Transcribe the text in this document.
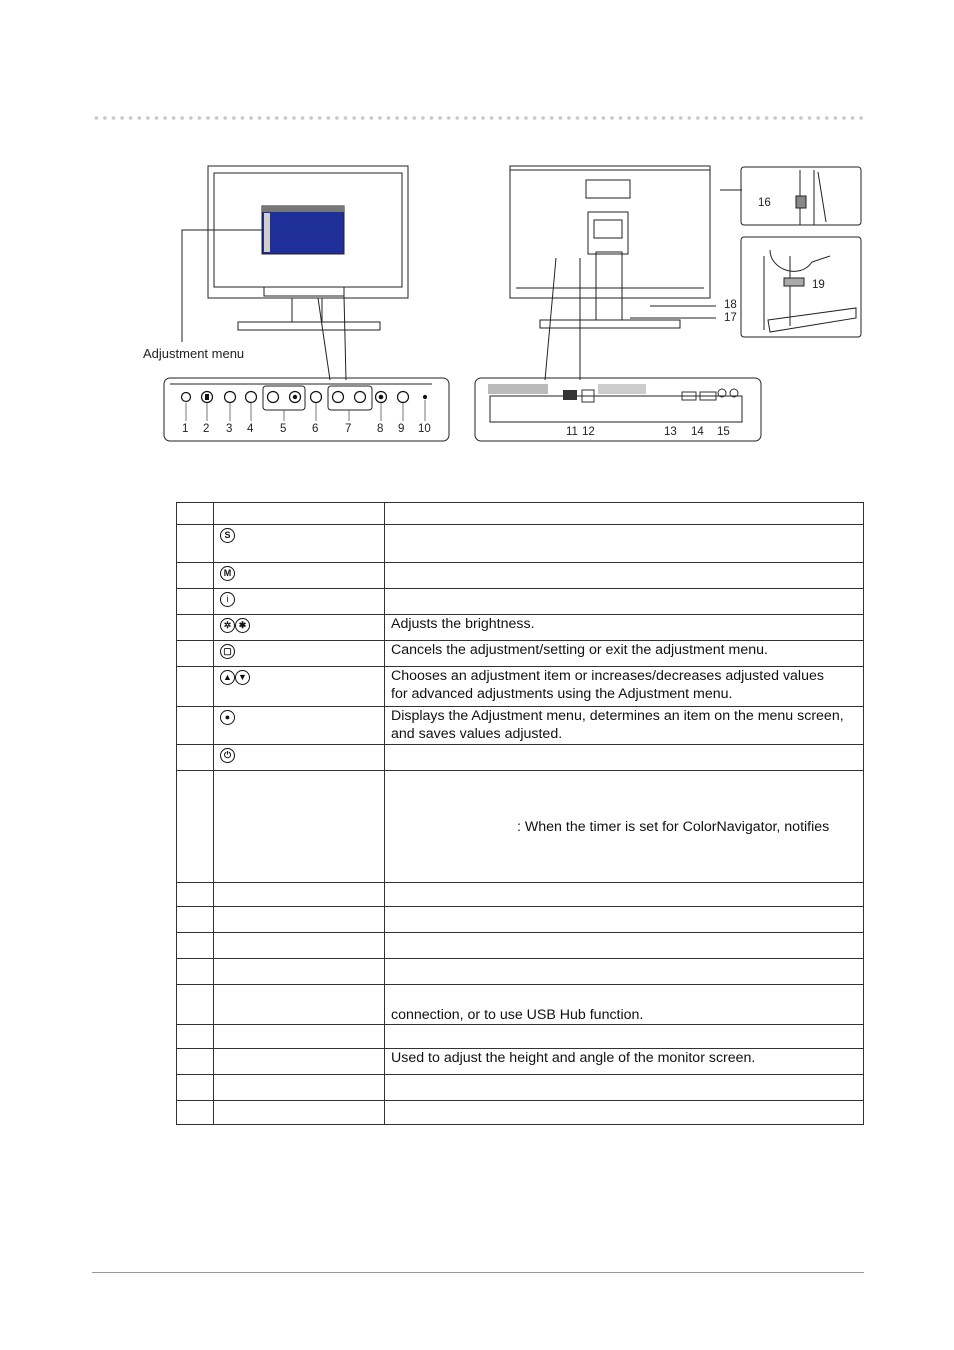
Adjustment menu
1 2 3 4 5 6 7 8 9 10	11 12	13 14 15
16
17
18
19

	S	

	M	

	i	

	✲ ✱	Adjusts the brightness.

	▢	Cancels the adjustment/setting or exit the adjustment menu.

	▲ ▼	Chooses an adjustment item or increases/decreases adjusted values
for advanced adjustments using the Adjustment menu.

	●	Displays the Adjustment menu, determines an item on the menu screen,
and saves values adjusted.

	⏻	

		: When the timer is set for ColorNavigator, notifies

		connection, or to use USB Hub function.

		Used to adjust the height and angle of the monitor screen.
